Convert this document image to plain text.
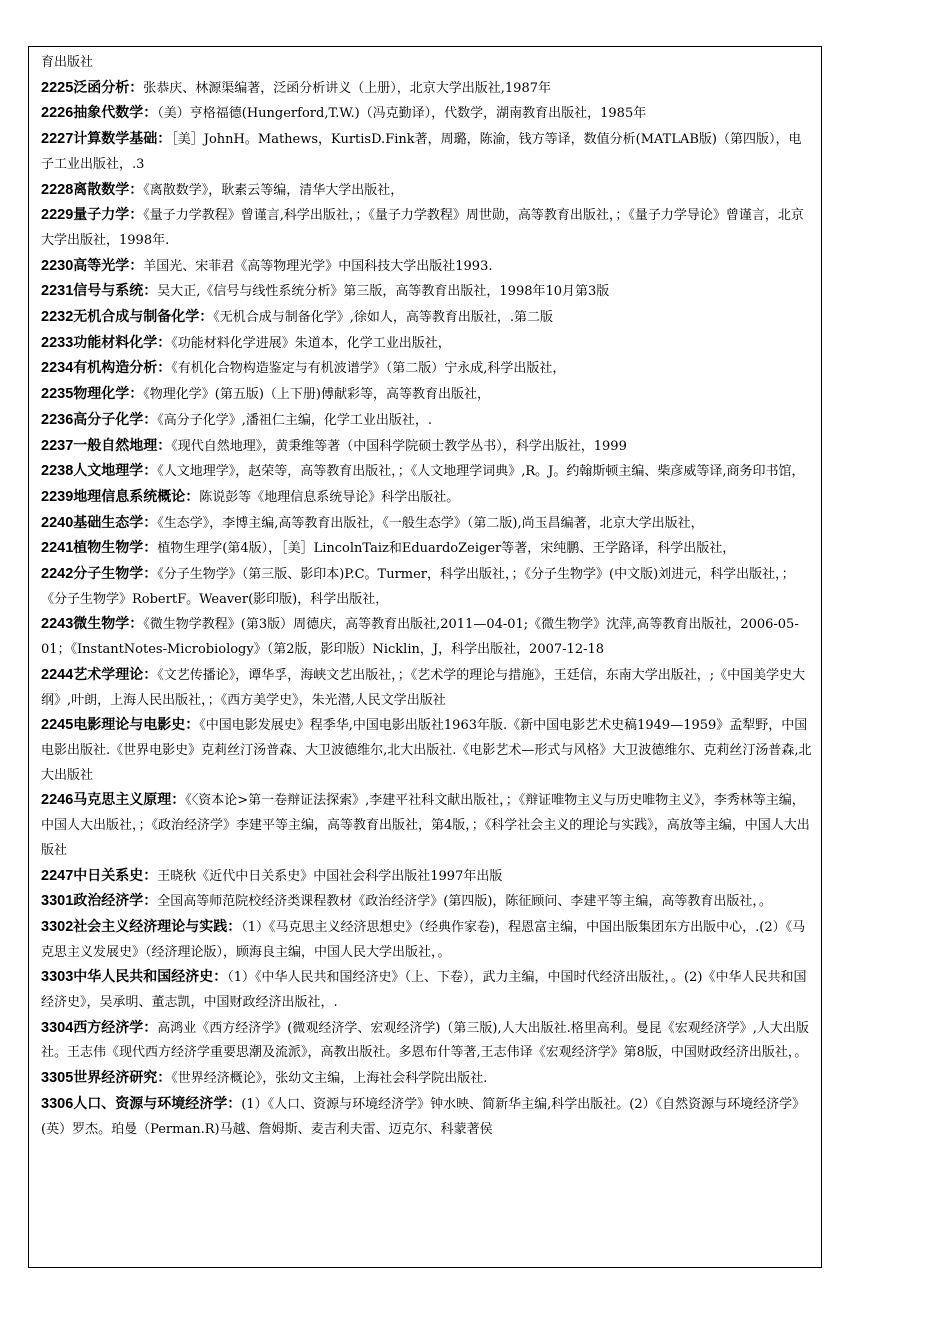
育出版社
2225泛函分析：张恭庆、林源渠编著，泛函分析讲义（上册），北京大学出版社,1987年
2226抽象代数学：（美）亨格福德(Hungerford,T.W.)（冯克勤译），代数学，湖南教育出版社，1985年
2227计算数学基础：［美］JohnH。Mathews，KurtisD.Fink著，周璐，陈渝，钱方等译，数值分析(MATLAB版)（第四版），电子工业出版社，.3
2228离散数学：《离散数学》，耿素云等编，清华大学出版社，
2229量子力学：《量子力学教程》曾谨言,科学出版社，；《量子力学教程》周世勋，高等教育出版社，；《量子力学导论》曾谨言，北京大学出版社，1998年.
2230高等光学：羊国光、宋菲君《高等物理光学》中国科技大学出版社1993.
2231信号与系统：吴大正,《信号与线性系统分析》第三版，高等教育出版社，1998年10月第3版
2232无机合成与制备化学：《无机合成与制备化学》,徐如人，高等教育出版社，.第二版
2233功能材料化学：《功能材料化学进展》朱道本，化学工业出版社，
2234有机构造分析：《有机化合物构造鉴定与有机波谱学》（第二版）宁永成,科学出版社，
2235物理化学：《物理化学》(第五版)（上下册)傅献彩等，高等教育出版社，
2236高分子化学：《高分子化学》,潘祖仁主编，化学工业出版社，.
2237一般自然地理：《现代自然地理》，黄秉维等著（中国科学院硕士教学丛书），科学出版社，1999
2238人文地理学：《人文地理学》，赵荣等，高等教育出版社，；《人文地理学词典》,R。J。约翰斯顿主编、柴彦威等译,商务印书馆，
2239地理信息系统概论：陈说彭等《地理信息系统导论》科学出版社。
2240基础生态学：《生态学》，李博主编,高等教育出版社，《一般生态学》（第二版),尚玉昌编著，北京大学出版社，
2241植物生物学：植物生理学(第4版），［美］LincolnTaiz和EduardoZeiger等著，宋纯鹏、王学路译，科学出版社，
2242分子生物学：《分子生物学》（第三版、影印本)P.C。Turmer，科学出版社，；《分子生物学》(中文版)刘进元，科学出版社，；《分子生物学》RobertF。Weaver(影印版)，科学出版社，
2243微生物学：《微生物学教程》(第3版）周德庆，高等教育出版社,2011—04-01;《微生物学》沈萍,高等教育出版社，2006-05-01；《InstantNotes-Microbiology》（第2版，影印版）Nicklin，J，科学出版社，2007-12-18
2244艺术学理论：《文艺传播论》，谭华孚，海峡文艺出版社，；《艺术学的理论与措施》，王廷信，东南大学出版社，;《中国美学史大纲》,叶朗，上海人民出版社，；《西方美学史》，朱光潜,人民文学出版社
2245电影理论与电影史：《中国电影发展史》程季华,中国电影出版社1963年版.《新中国电影艺术史稿1949—1959》孟犁野，中国电影出版社.《世界电影史》克莉丝汀汤普森、大卫波德维尔,北大出版社.《电影艺术—形式与风格》大卫波德维尔、克莉丝汀汤普森,北大出版社
2246马克思主义原理：《〈资本论>第一卷辩证法探索》,李建平社科文献出版社，；《辩证唯物主义与历史唯物主义》，李秀林等主编，中国人大出版社，；《政治经济学》李建平等主编，高等教育出版社，第4版，；《科学社会主义的理论与实践》，高放等主编，中国人大出版社
2247中日关系史：王晓秋《近代中日关系史》中国社会科学出版社1997年出版
3301政治经济学：全国高等师范院校经济类课程教材《政治经济学》(第四版)，陈征顾问、李建平等主编，高等教育出版社，。
3302社会主义经济理论与实践：（1）《马克思主义经济思想史》（经典作家卷)，程恩富主编，中国出版集团东方出版中心，.(2）《马克思主义发展史》（经济理论版），顾海良主编，中国人民大学出版社，。
3303中华人民共和国经济史：（1）《中华人民共和国经济史》（上、下卷），武力主编，中国时代经济出版社，。(2)《中华人民共和国经济史》，吴承明、董志凯，中国财政经济出版社，.
3304西方经济学：高鸿业《西方经济学》(微观经济学、宏观经济学)（第三版),人大出版社.格里高利。曼昆《宏观经济学》,人大出版社。王志伟《现代西方经济学重要思潮及流派》，高教出版社。多恩布什等著,王志伟译《宏观经济学》第8版，中国财政经济出版社，。
3305世界经济研究：《世界经济概论》，张幼文主编，上海社会科学院出版社.
3306人口、资源与环境经济学：(1）《人口、资源与环境经济学》钟水映、简新华主编,科学出版社。(2）《自然资源与环境经济学》(英）罗杰。珀曼（Perman.R)马越、詹姆斯、麦吉利夫雷、迈克尔、科蒙著侯
